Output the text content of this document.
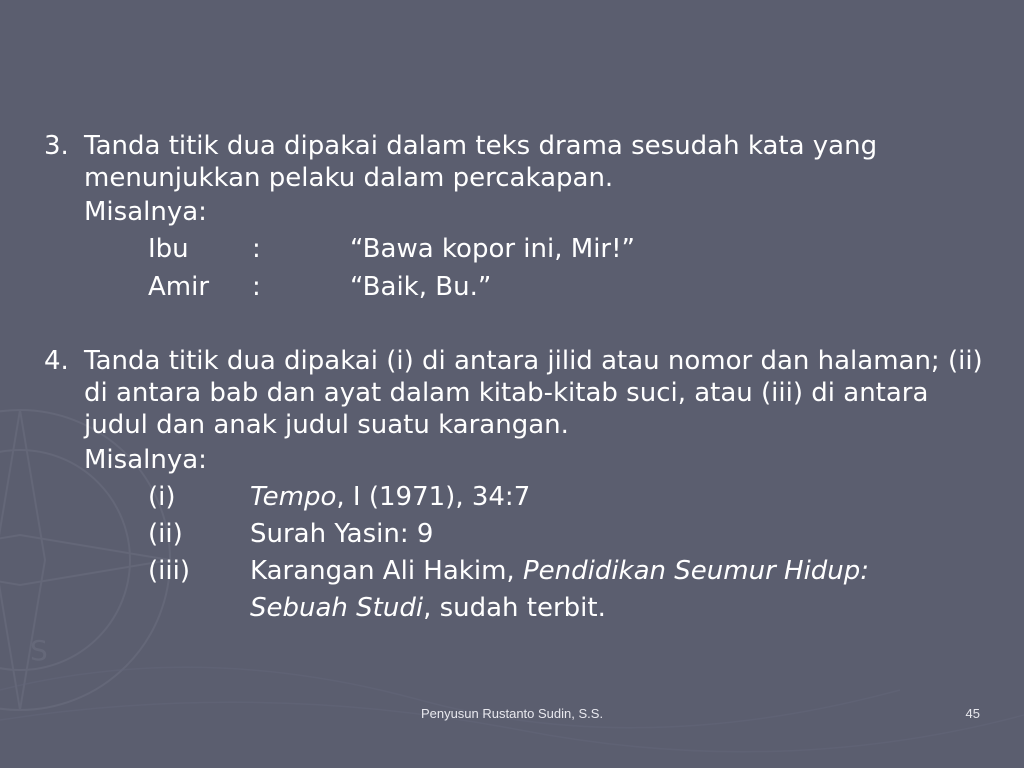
S
3. Tanda titik dua dipakai dalam teks drama sesudah kata yang menunjukkan pelaku dalam percakapan.
Misalnya:
Ibu :	“Bawa kopor ini, Mir!”
Amir :	“Baik, Bu.”
4. Tanda titik dua dipakai (i) di antara jilid atau nomor dan halaman; (ii) di antara bab dan ayat dalam kitab-kitab suci, atau (iii) di antara judul dan anak judul suatu karangan.
Misalnya:
(i)	Tempo, I (1971), 34:7
(ii)	Surah Yasin: 9
(iii) Karangan Ali Hakim, Pendidikan Seumur Hidup:
Sebuah Studi, sudah terbit.
Penyusun Rustanto Sudin, S.S.	45
